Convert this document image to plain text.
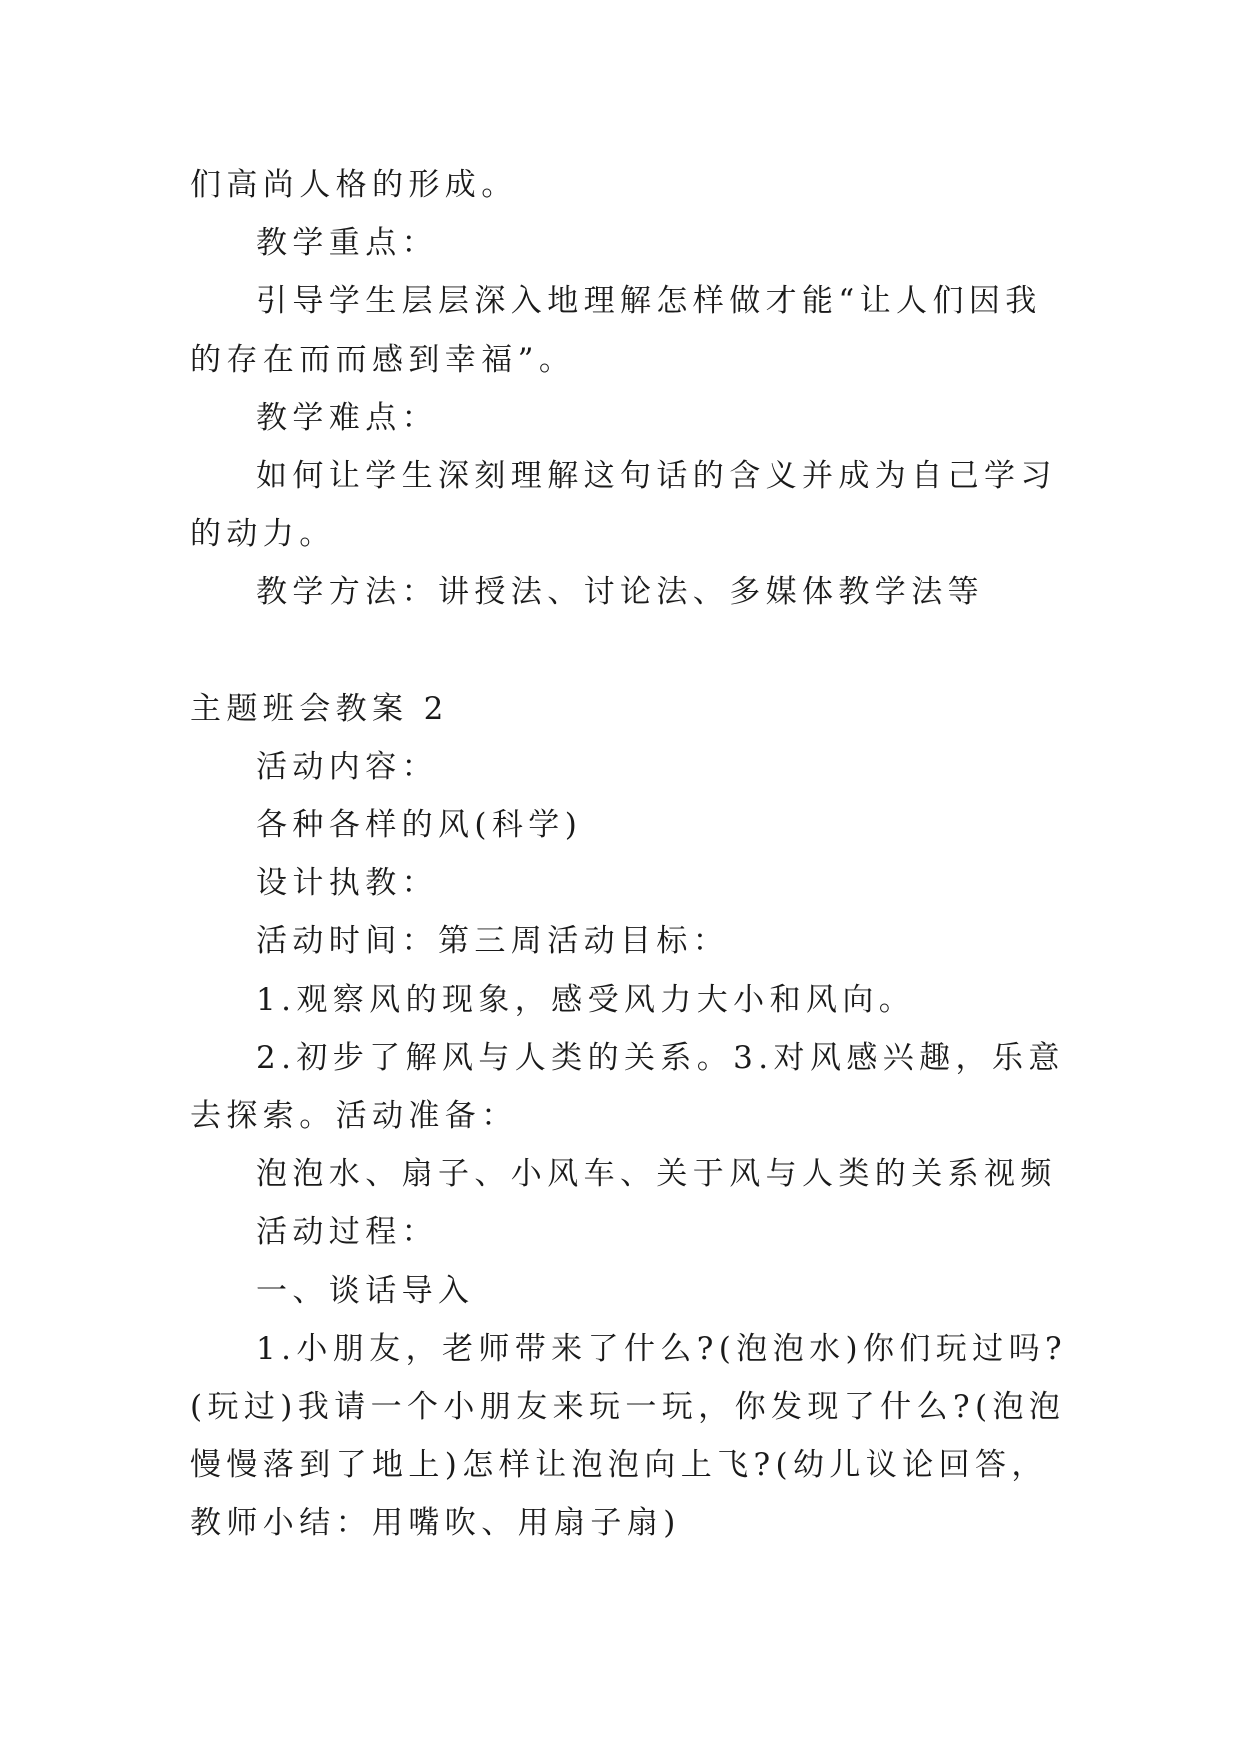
们高尚人格的形成。

教学重点：

引导学生层层深入地理解怎样做才能“让人们因我的存在而而感到幸福”。

教学难点：

如何让学生深刻理解这句话的含义并成为自己学习的动力。

教学方法：讲授法、讨论法、多媒体教学法等

主题班会教案 2

活动内容：

各种各样的风(科学)

设计执教：

活动时间：第三周活动目标：

1.观察风的现象，感受风力大小和风向。

2.初步了解风与人类的关系。3.对风感兴趣，乐意去探索。活动准备：

泡泡水、扇子、小风车、关于风与人类的关系视频

活动过程：

一、谈话导入

1.小朋友，老师带来了什么?(泡泡水)你们玩过吗?(玩过)我请一个小朋友来玩一玩，你发现了什么?(泡泡慢慢落到了地上)怎样让泡泡向上飞?(幼儿议论回答，教师小结：用嘴吹、用扇子扇)
